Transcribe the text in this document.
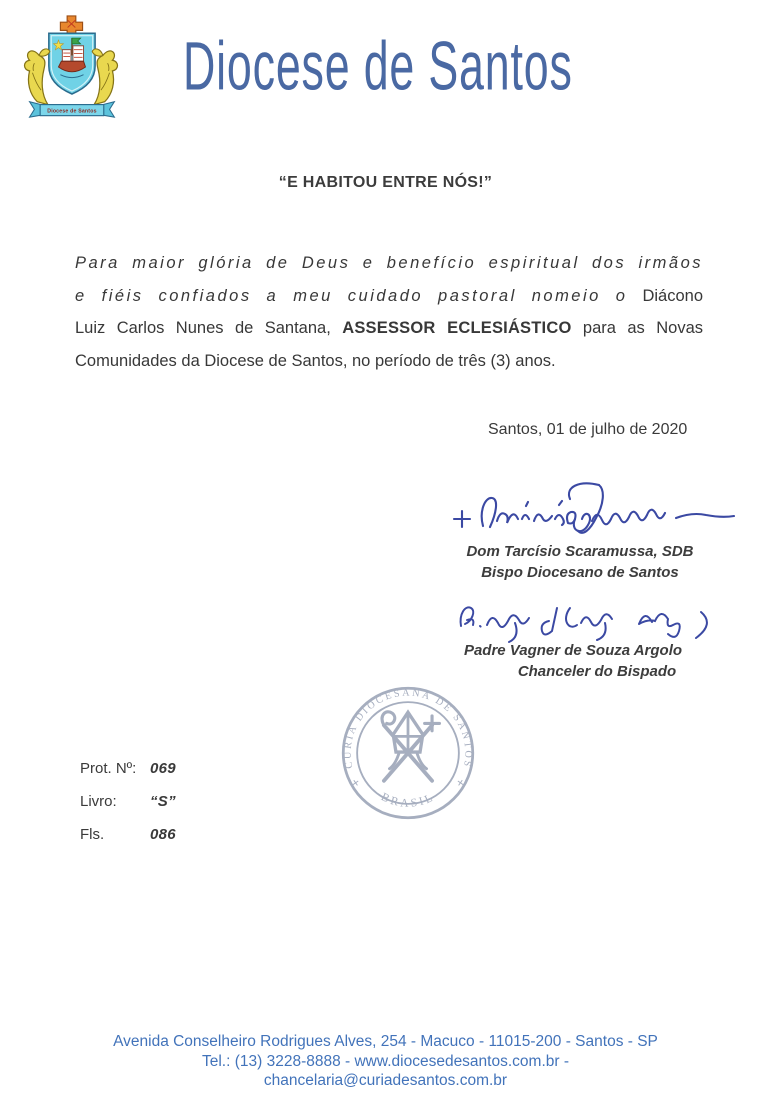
Diocese de Santos
Diocese de Santos
“E HABITOU ENTRE NÓS!”
Para maior glória de Deus e benefício espiritual dos irmãos e fiéis confiados a meu cuidado pastoral nomeio o Diácono Luiz Carlos Nunes de Santana, ASSESSOR ECLESIÁSTICO para as Novas Comunidades da Diocese de Santos, no período de três (3) anos.
Santos, 01 de julho de 2020
Dom Tarcísio Scaramussa, SDB
Bispo Diocesano de Santos
Padre Vagner de Souza Argolo
Chanceler do Bispado
CURIA DIOCESANA DE SANTOS
BRASIL
+	+
Prot. Nº: 069
Livro:	“S”
Fls.	086
Avenida Conselheiro Rodrigues Alves, 254 - Macuco - 11015-200 - Santos - SP
Tel.: (13) 3228-8888 - www.diocesedesantos.com.br -
chancelaria@curiadesantos.com.br
